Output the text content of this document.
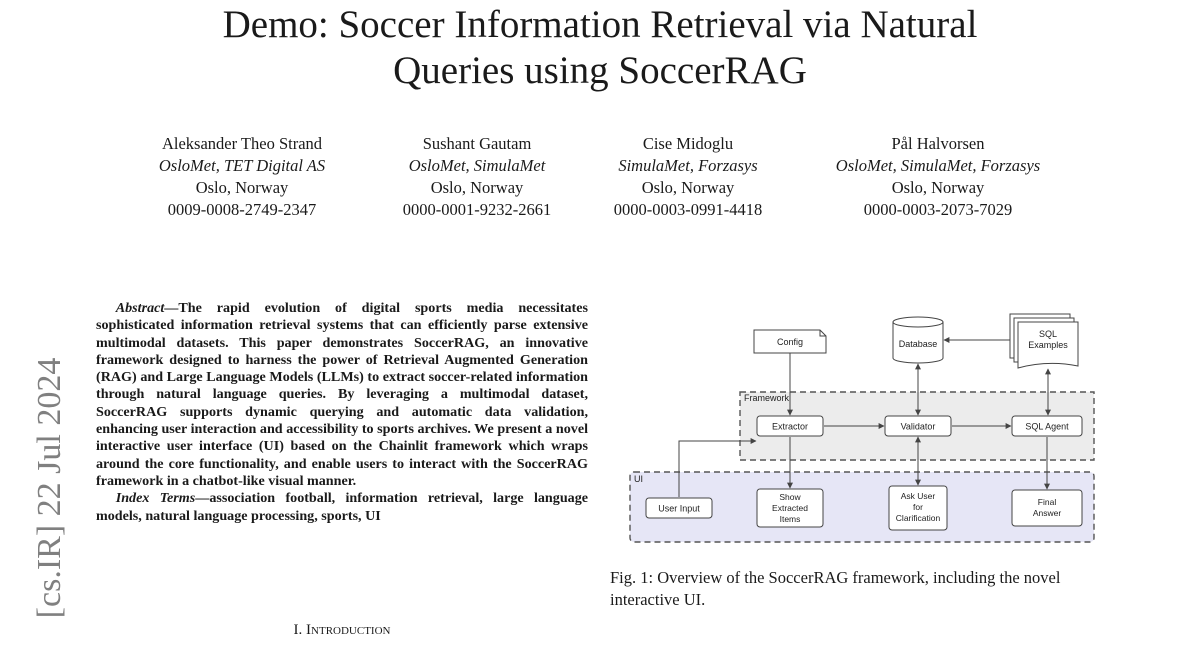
Demo: Soccer Information Retrieval via Natural
Queries using SoccerRAG
Aleksander Theo Strand
OsloMet, TET Digital AS
Oslo, Norway
0009-0008-2749-2347
Sushant Gautam
OsloMet, SimulaMet
Oslo, Norway
0000-0001-9232-2661
Cise Midoglu
SimulaMet, Forzasys
Oslo, Norway
0000-0003-0991-4418
Pål Halvorsen
OsloMet, SimulaMet, Forzasys
Oslo, Norway
0000-0003-2073-7029
[cs.IR] 22 Jul 2024

Abstract—The rapid evolution of digital sports media necessitates sophisticated information retrieval systems that can efficiently parse extensive multimodal datasets. This paper demonstrates SoccerRAG, an innovative framework designed to harness the power of Retrieval Augmented Generation (RAG) and Large Language Models (LLMs) to extract soccer-related information through natural language queries. By leveraging a multimodal dataset, SoccerRAG supports dynamic querying and automatic data validation, enhancing user interaction and accessibility to sports archives. We present a novel interactive user interface (UI) based on the Chainlit framework which wraps around the core functionality, and enable users to interact with the SoccerRAG framework in a chatbot-like visual manner.

Index Terms—association football, information retrieval, large language models, natural language processing, sports, UI

I. Introduction
Framework
UI
Config	Database
SQL
Examples
Extractor	Validator	SQL Agent
User Input
Show
Extracted
Items
Ask User
for
Clarification
Final
Answer
Fig. 1: Overview of the SoccerRAG framework, including the novel interactive UI.
